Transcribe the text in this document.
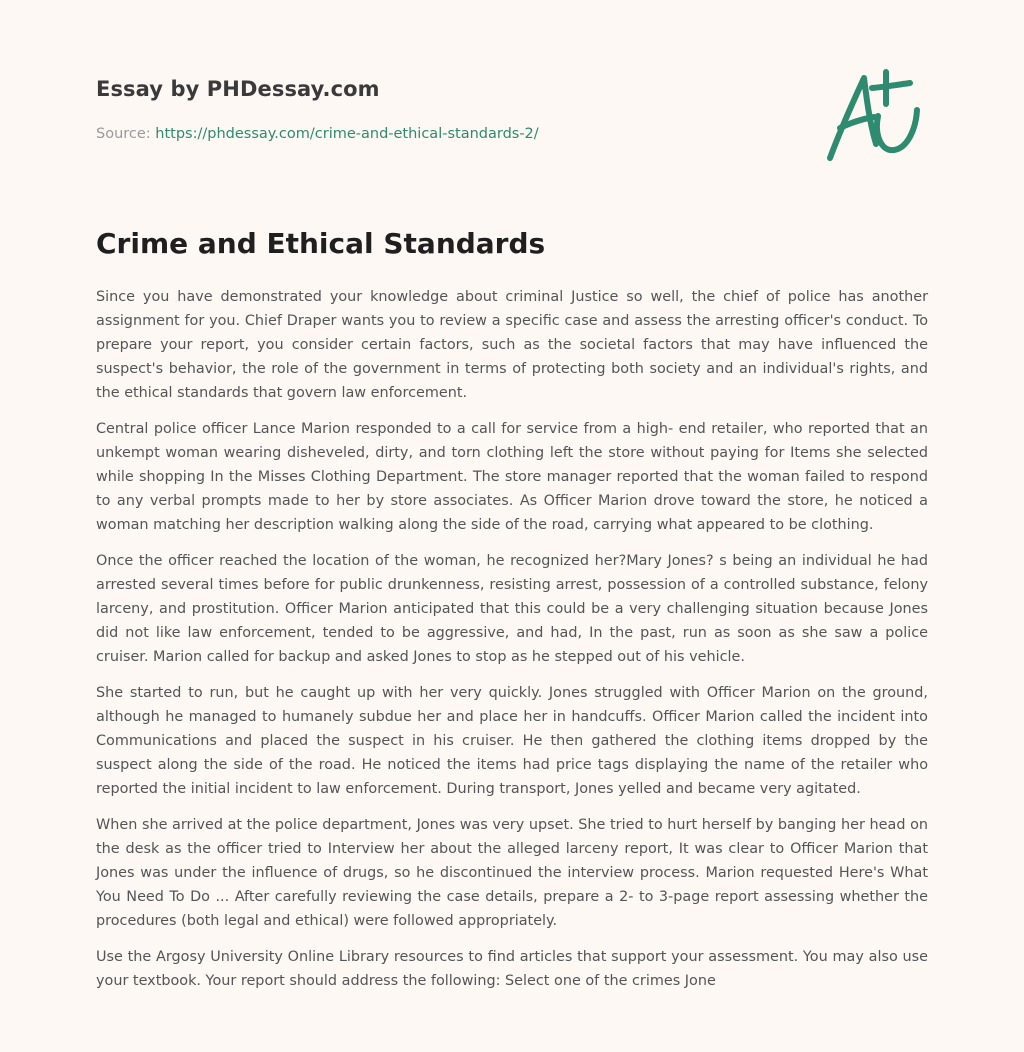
Essay by PHDessay.com
Source: https://phdessay.com/crime-and-ethical-standards-2/
Crime and Ethical Standards

Since you have demonstrated your knowledge about criminal Justice so well, the chief of police has another assignment for you. Chief Draper wants you to review a specific case and assess the arresting officer's conduct. To prepare your report, you consider certain factors, such as the societal factors that may have influenced the suspect's behavior, the role of the government in terms of protecting both society and an individual's rights, and the ethical standards that govern law enforcement.

Central police officer Lance Marion responded to a call for service from a high- end retailer, who reported that an unkempt woman wearing disheveled, dirty, and torn clothing left the store without paying for Items she selected while shopping In the Misses Clothing Department. The store manager reported that the woman failed to respond to any verbal prompts made to her by store associates. As Officer Marion drove toward the store, he noticed a woman matching her description walking along the side of the road, carrying what appeared to be clothing.

Once the officer reached the location of the woman, he recognized her?Mary Jones? s being an individual he had arrested several times before for public drunkenness, resisting arrest, possession of a controlled substance, felony larceny, and prostitution. Officer Marion anticipated that this could be a very challenging situation because Jones did not like law enforcement, tended to be aggressive, and had, In the past, run as soon as she saw a police cruiser. Marion called for backup and asked Jones to stop as he stepped out of his vehicle.

She started to run, but he caught up with her very quickly. Jones struggled with Officer Marion on the ground, although he managed to humanely subdue her and place her in handcuffs. Officer Marion called the incident into Communications and placed the suspect in his cruiser. He then gathered the clothing items dropped by the suspect along the side of the road. He noticed the items had price tags displaying the name of the retailer who reported the initial incident to law enforcement. During transport, Jones yelled and became very agitated.

When she arrived at the police department, Jones was very upset. She tried to hurt herself by banging her head on the desk as the officer tried to Interview her about the alleged larceny report, It was clear to Officer Marion that Jones was under the influence of drugs, so he discontinued the interview process. Marion requested Here's What You Need To Do ... After carefully reviewing the case details, prepare a 2- to 3-page report assessing whether the procedures (both legal and ethical) were followed appropriately.

Use the Argosy University Online Library resources to find articles that support your assessment. You may also use your textbook. Your report should address the following: Select one of the crimes Jone
